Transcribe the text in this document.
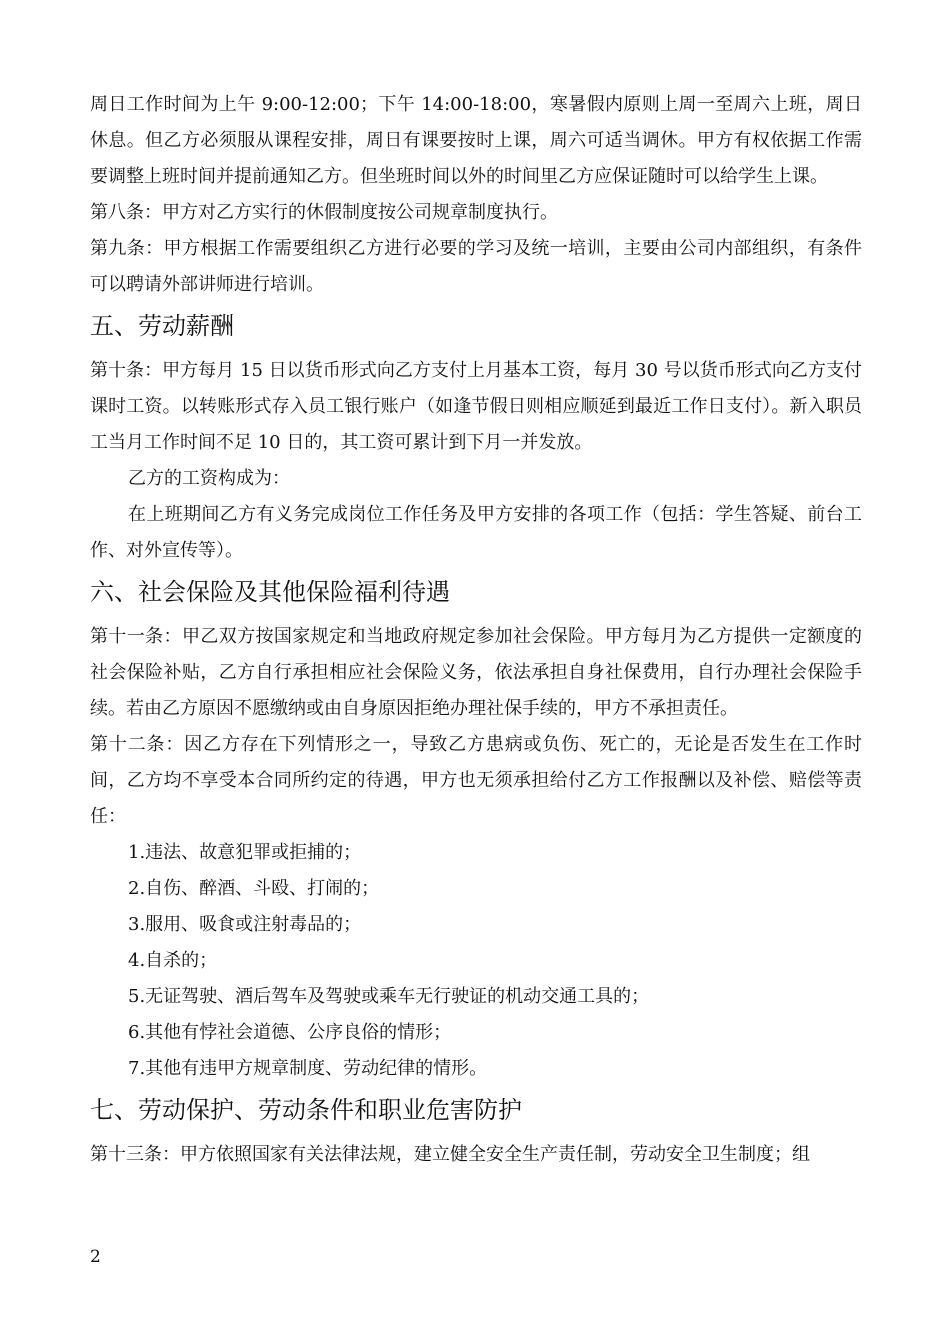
周日工作时间为上午 9:00-12:00；下午 14:00-18:00，寒暑假内原则上周一至周六上班，周日休息。但乙方必须服从课程安排，周日有课要按时上课，周六可适当调休。甲方有权依据工作需要调整上班时间并提前通知乙方。但坐班时间以外的时间里乙方应保证随时可以给学生上课。

第八条：甲方对乙方实行的休假制度按公司规章制度执行。

第九条：甲方根据工作需要组织乙方进行必要的学习及统一培训，主要由公司内部组织，有条件可以聘请外部讲师进行培训。

五、劳动薪酬

第十条：甲方每月 15 日以货币形式向乙方支付上月基本工资，每月 30 号以货币形式向乙方支付课时工资。以转账形式存入员工银行账户（如逢节假日则相应顺延到最近工作日支付）。新入职员工当月工作时间不足 10 日的，其工资可累计到下月一并发放。

乙方的工资构成为：

在上班期间乙方有义务完成岗位工作任务及甲方安排的各项工作（包括：学生答疑、前台工作、对外宣传等）。

六、社会保险及其他保险福利待遇

第十一条：甲乙双方按国家规定和当地政府规定参加社会保险。甲方每月为乙方提供一定额度的社会保险补贴，乙方自行承担相应社会保险义务，依法承担自身社保费用，自行办理社会保险手续。若由乙方原因不愿缴纳或由自身原因拒绝办理社保手续的，甲方不承担责任。

第十二条：因乙方存在下列情形之一，导致乙方患病或负伤、死亡的，无论是否发生在工作时间，乙方均不享受本合同所约定的待遇，甲方也无须承担给付乙方工作报酬以及补偿、赔偿等责任：

1.违法、故意犯罪或拒捕的；

2.自伤、醉酒、斗殴、打闹的；

3.服用、吸食或注射毒品的；

4.自杀的；

5.无证驾驶、酒后驾车及驾驶或乘车无行驶证的机动交通工具的；

6.其他有悖社会道德、公序良俗的情形；

7.其他有违甲方规章制度、劳动纪律的情形。

七、劳动保护、劳动条件和职业危害防护

第十三条：甲方依照国家有关法律法规，建立健全安全生产责任制，劳动安全卫生制度；组

2
